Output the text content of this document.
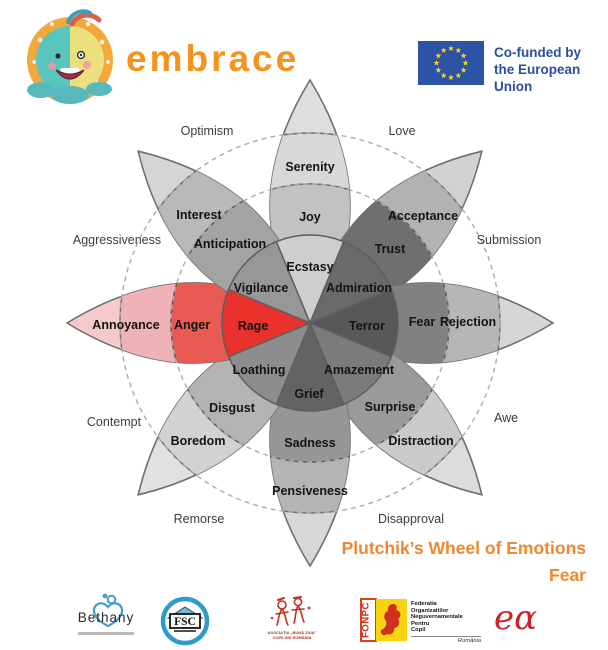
embrace	Co-funded by
the European Union
Serenity
Joy
Ecstasy
Acceptance
Trust
Admiration
Rejection
Fear
Terror
Distraction
Surprise
Amazement
Pensiveness
Sadness
Grief
Boredom
Disgust
Loathing
Annoyance Anger Rage
Interest
Anticipation
Vigilance
Optimism	Love
Aggressiveness	Submission
Contempt	Awe
Remorse	Disapproval
Plutchik’s Wheel of Emotions
Fear
Bethany	FSC
ASOCIAȚIA „BUNĂ ZIUA”
COPII DIN ROMÂNIA	FONPC	Federatia
Organizatiilor
Neguvernamentale
Pentru
Copil
România
eα
